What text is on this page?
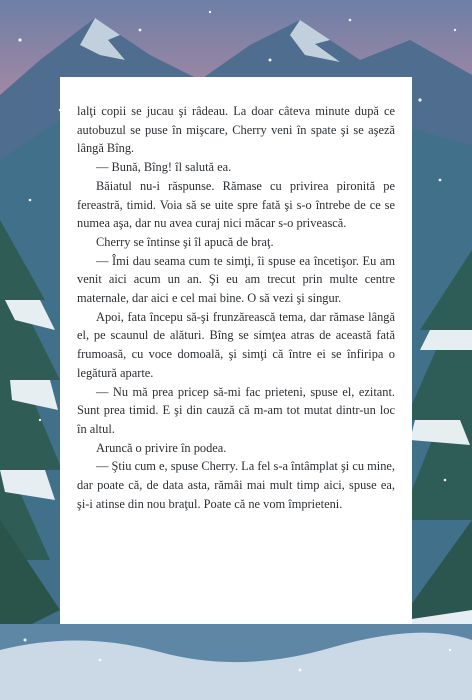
lalţi copii se jucau şi râdeau. La doar câteva minute după ce autobuzul se puse în mişcare, Cherry veni în spate şi se aşeză lângă Bîng.

— Bună, Bîng! îl salută ea.

Băiatul nu-i răspunse. Rămase cu privirea pironită pe fereastră, timid. Voia să se uite spre fată şi s-o întrebe de ce se numea aşa, dar nu avea curaj nici măcar s-o privească.

Cherry se întinse şi îl apucă de braţ.

— Îmi dau seama cum te simţi, îi spuse ea încetişor. Eu am venit aici acum un an. Şi eu am trecut prin multe centre maternale, dar aici e cel mai bine. O să vezi şi singur.

Apoi, fata începu să-şi frunzărească tema, dar rămase lângă el, pe scaunul de alături. Bîng se simţea atras de această fată frumoasă, cu voce domoală, şi simţi că între ei se înfiripa o legătură aparte.

— Nu mă prea pricep să-mi fac prieteni, spuse el, ezitant. Sunt prea timid. E şi din cauză că m-am tot mutat dintr-un loc în altul.

Aruncă o privire în podea.

— Ştiu cum e, spuse Cherry. La fel s-a întâmplat şi cu mine, dar poate că, de data asta, rămâi mai mult timp aici, spuse ea, şi-i atinse din nou braţul. Poate că ne vom împrieteni.
